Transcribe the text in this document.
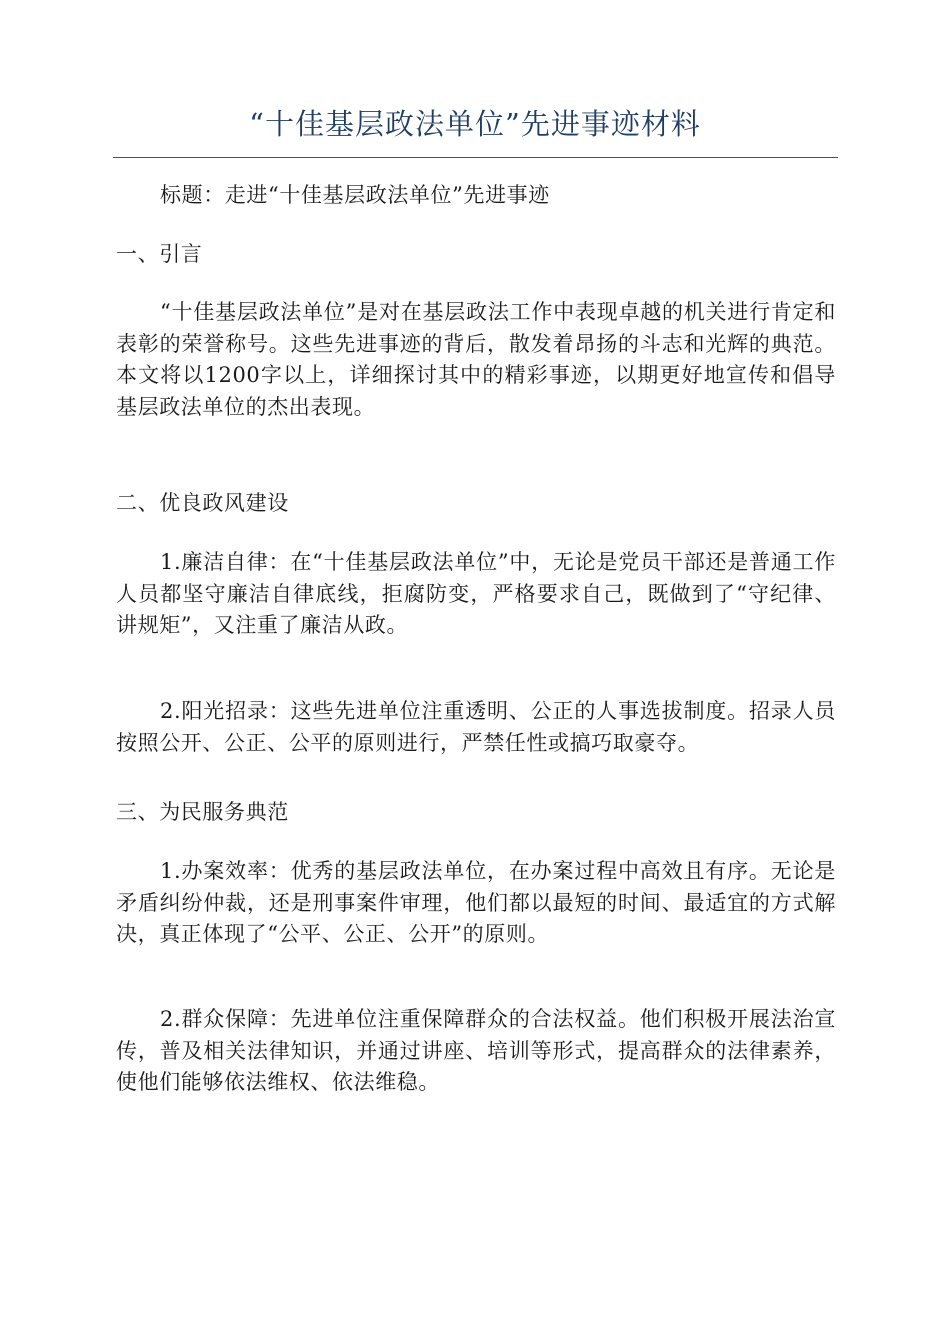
“十佳基层政法单位”先进事迹材料

标题：走进“十佳基层政法单位”先进事迹

一、引言

“十佳基层政法单位”是对在基层政法工作中表现卓越的机关进行肯定和表彰的荣誉称号。这些先进事迹的背后，散发着昂扬的斗志和光辉的典范。本文将以1200字以上，详细探讨其中的精彩事迹，以期更好地宣传和倡导基层政法单位的杰出表现。

二、优良政风建设

1.廉洁自律：在“十佳基层政法单位”中，无论是党员干部还是普通工作人员都坚守廉洁自律底线，拒腐防变，严格要求自己，既做到了“守纪律、讲规矩”，又注重了廉洁从政。

2.阳光招录：这些先进单位注重透明、公正的人事选拔制度。招录人员按照公开、公正、公平的原则进行，严禁任性或搞巧取豪夺。

三、为民服务典范

1.办案效率：优秀的基层政法单位，在办案过程中高效且有序。无论是矛盾纠纷仲裁，还是刑事案件审理，他们都以最短的时间、最适宜的方式解决，真正体现了“公平、公正、公开”的原则。

2.群众保障：先进单位注重保障群众的合法权益。他们积极开展法治宣传，普及相关法律知识，并通过讲座、培训等形式，提高群众的法律素养，使他们能够依法维权、依法维稳。
